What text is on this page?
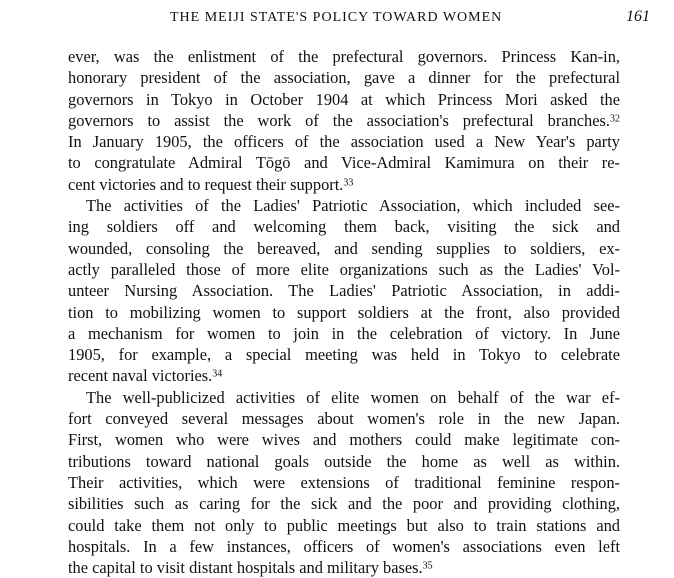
THE MEIJI STATE'S POLICY TOWARD WOMEN	161
ever, was the enlistment of the prefectural governors. Princess Kan-in,
honorary president of the association, gave a dinner for the prefectural
governors in Tokyo in October 1904 at which Princess Mori asked the
governors to assist the work of the association's prefectural branches.$^{32}$
In January 1905, the officers of the association used a New Year's party
to congratulate Admiral Tōgō and Vice-Admiral Kamimura on their re-
cent victories and to request their support.$^{33}$
The activities of the Ladies' Patriotic Association, which included see-
ing soldiers off and welcoming them back, visiting the sick and
wounded, consoling the bereaved, and sending supplies to soldiers, ex-
actly paralleled those of more elite organizations such as the Ladies' Vol-
unteer Nursing Association. The Ladies' Patriotic Association, in addi-
tion to mobilizing women to support soldiers at the front, also provided
a mechanism for women to join in the celebration of victory. In June
1905, for example, a special meeting was held in Tokyo to celebrate
recent naval victories.$^{34}$
The well-publicized activities of elite women on behalf of the war ef-
fort conveyed several messages about women's role in the new Japan.
First, women who were wives and mothers could make legitimate con-
tributions toward national goals outside the home as well as within.
Their activities, which were extensions of traditional feminine respon-
sibilities such as caring for the sick and the poor and providing clothing,
could take them not only to public meetings but also to train stations and
hospitals. In a few instances, officers of women's associations even left
the capital to visit distant hospitals and military bases.$^{35}$
